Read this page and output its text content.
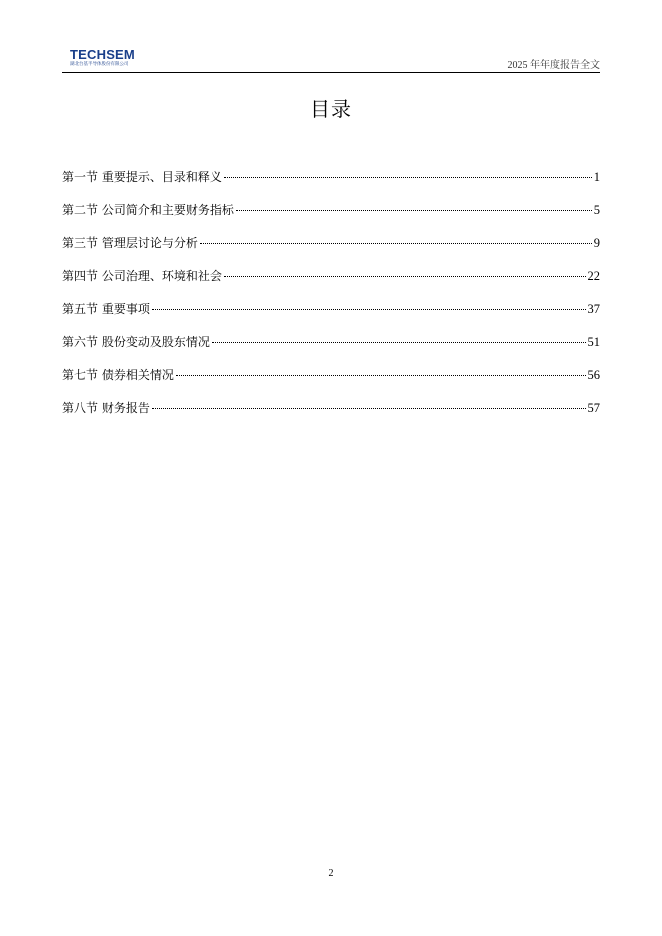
TECHSEM
湖北台基半导体股份有限公司	2025 年年度报告全文
目录
第一节 重要提示、目录和释义	1
第二节 公司简介和主要财务指标	5
第三节 管理层讨论与分析	9
第四节 公司治理、环境和社会	22
第五节 重要事项	37
第六节 股份变动及股东情况	51
第七节 债券相关情况	56
第八节 财务报告	57
2
